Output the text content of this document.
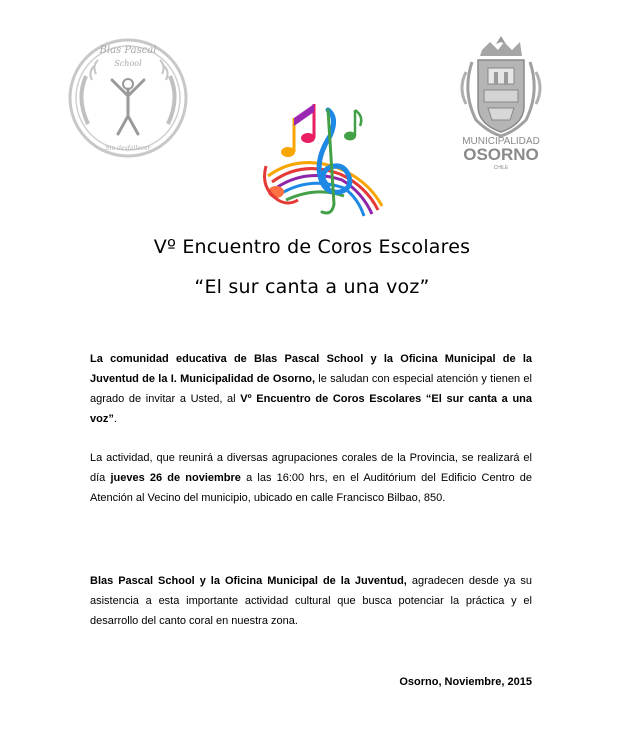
Blas Pascal
School
Sin desfallecer
MUNICIPALIDAD
OSORNO
CHILE
Vº Encuentro de Coros Escolares
“El sur canta a una voz”
La comunidad educativa de Blas Pascal School y la Oficina Municipal de la Juventud de la I. Municipalidad de Osorno, le saludan con especial atención y tienen el agrado de invitar a Usted, al Vº Encuentro de Coros Escolares “El sur canta a una voz”.
La actividad, que reunirá a diversas agrupaciones corales de la Provincia, se realizará el día jueves 26 de noviembre a las 16:00 hrs, en el Auditórium del Edificio Centro de Atención al Vecino del municipio, ubicado en calle Francisco Bilbao, 850.
Blas Pascal School y la Oficina Municipal de la Juventud, agradecen desde ya su asistencia a esta importante actividad cultural que busca potenciar la práctica y el desarrollo del canto coral en nuestra zona.
Osorno, Noviembre, 2015
